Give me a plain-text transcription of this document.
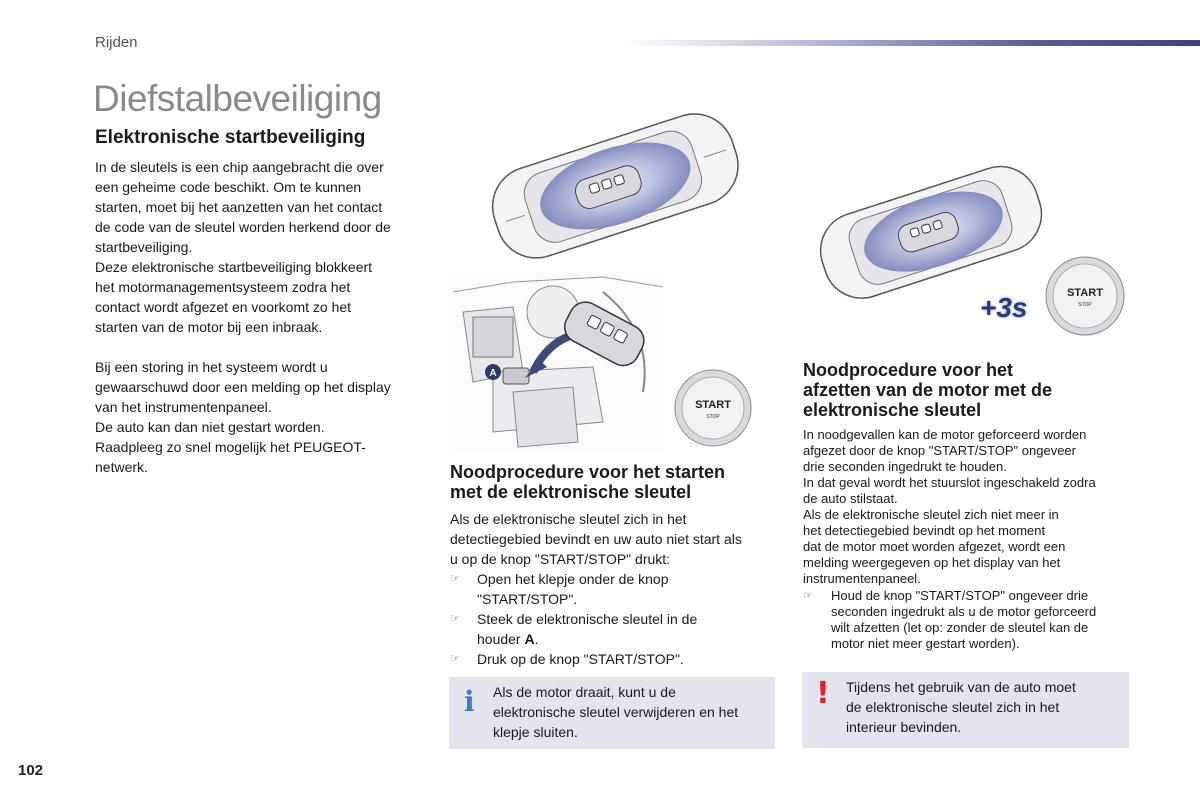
Rijden
Diefstalbeveiliging
Elektronische startbeveiliging

In de sleutels is een chip aangebracht die over
een geheime code beschikt. Om te kunnen
starten, moet bij het aanzetten van het contact
de code van de sleutel worden herkend door de
startbeveiliging.
Deze elektronische startbeveiliging blokkeert
het motormanagementsysteem zodra het
contact wordt afgezet en voorkomt zo het
starten van de motor bij een inbraak.

Bij een storing in het systeem wordt u
gewaarschuwd door een melding op het display
van het instrumentenpaneel.
De auto kan dan niet gestart worden.
Raadpleeg zo snel mogelijk het PEUGEOT-
netwerk.

A
START
STOP
+3s	START
STOP
Noodprocedure voor het starten
met de elektronische sleutel

Als de elektronische sleutel zich in het
detectiegebied bevindt en uw auto niet start als
u op de knop "START/STOP" drukt:

☞ Open het klepje onder de knop
"START/STOP".
☞ Steek de elektronische sleutel in de
houder A.
☞ Druk op de knop "START/STOP".
i Als de motor draait, kunt u de
elektronische sleutel verwijderen en het
klepje sluiten.
Noodprocedure voor het
afzetten van de motor met de
elektronische sleutel

In noodgevallen kan de motor geforceerd worden
afgezet door de knop "START/STOP" ongeveer
drie seconden ingedrukt te houden.
In dat geval wordt het stuurslot ingeschakeld zodra
de auto stilstaat.
Als de elektronische sleutel zich niet meer in
het detectiegebied bevindt op het moment
dat de motor moet worden afgezet, wordt een
melding weergegeven op het display van het
instrumentenpaneel.

☞ Houd de knop "START/STOP" ongeveer drie
seconden ingedrukt als u de motor geforceerd
wilt afzetten (let op: zonder de sleutel kan de
motor niet meer gestart worden).
! Tijdens het gebruik van de auto moet
de elektronische sleutel zich in het
interieur bevinden.
102
